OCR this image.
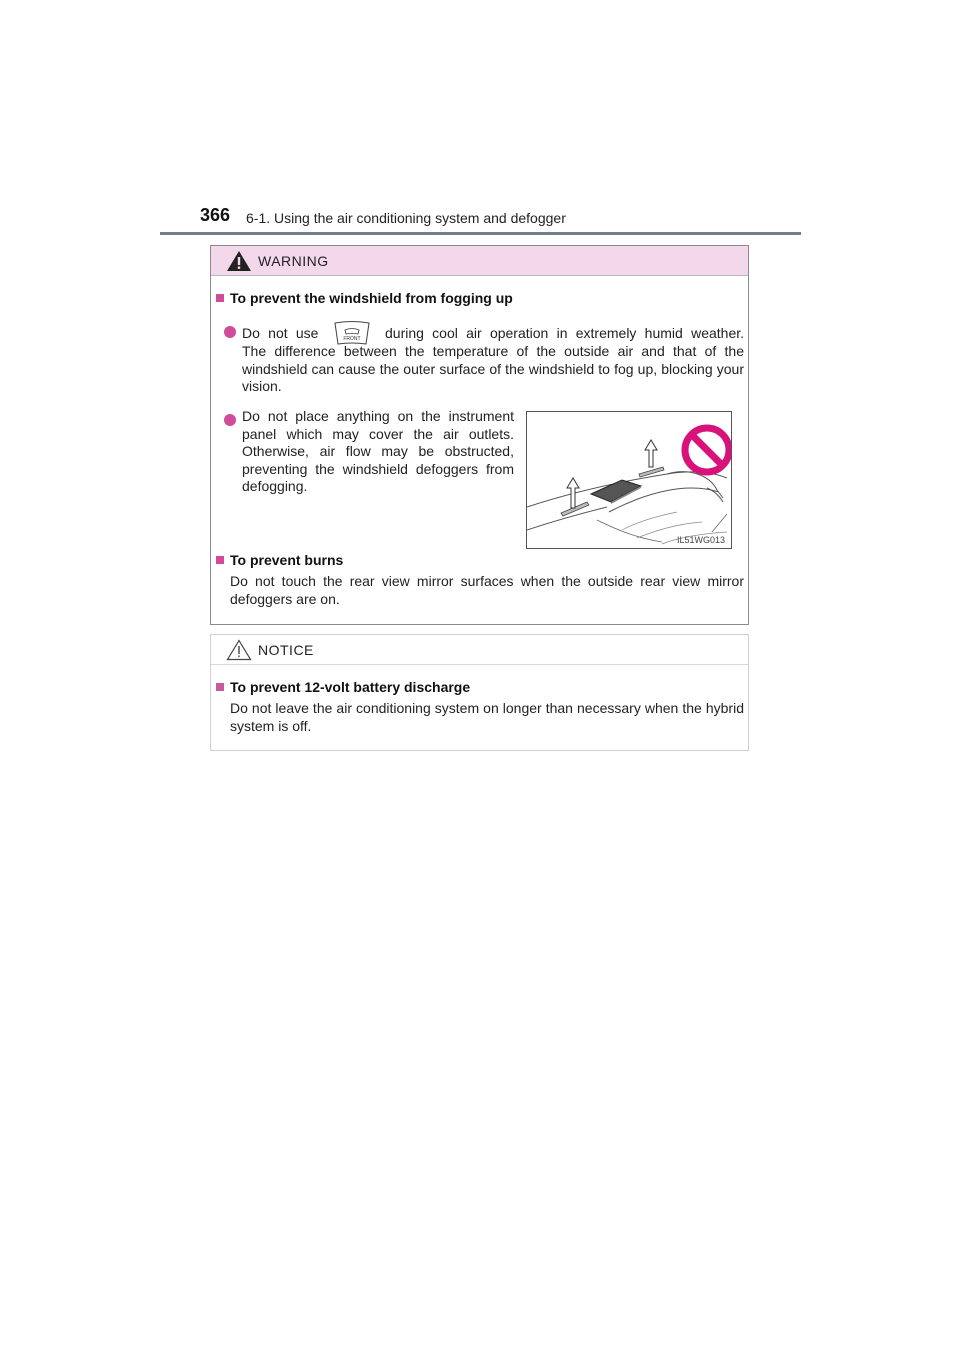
366 6-1. Using the air conditioning system and defogger
WARNING
To prevent the windshield from fogging up
Do not use	FRONT during cool air operation in extremely humid weather.
The difference between the temperature of the outside air and that of the windshield can cause the outer surface of the windshield to fog up, blocking your vision.
Do not place anything on the instrument panel which may cover the air outlets. Otherwise, air flow may be obstructed, preventing the windshield defoggers from defogging.
IL51WG013
To prevent burns
Do not touch the rear view mirror surfaces when the outside rear view mirror defoggers are on.
NOTICE
To prevent 12-volt battery discharge
Do not leave the air conditioning system on longer than necessary when the hybrid system is off.
